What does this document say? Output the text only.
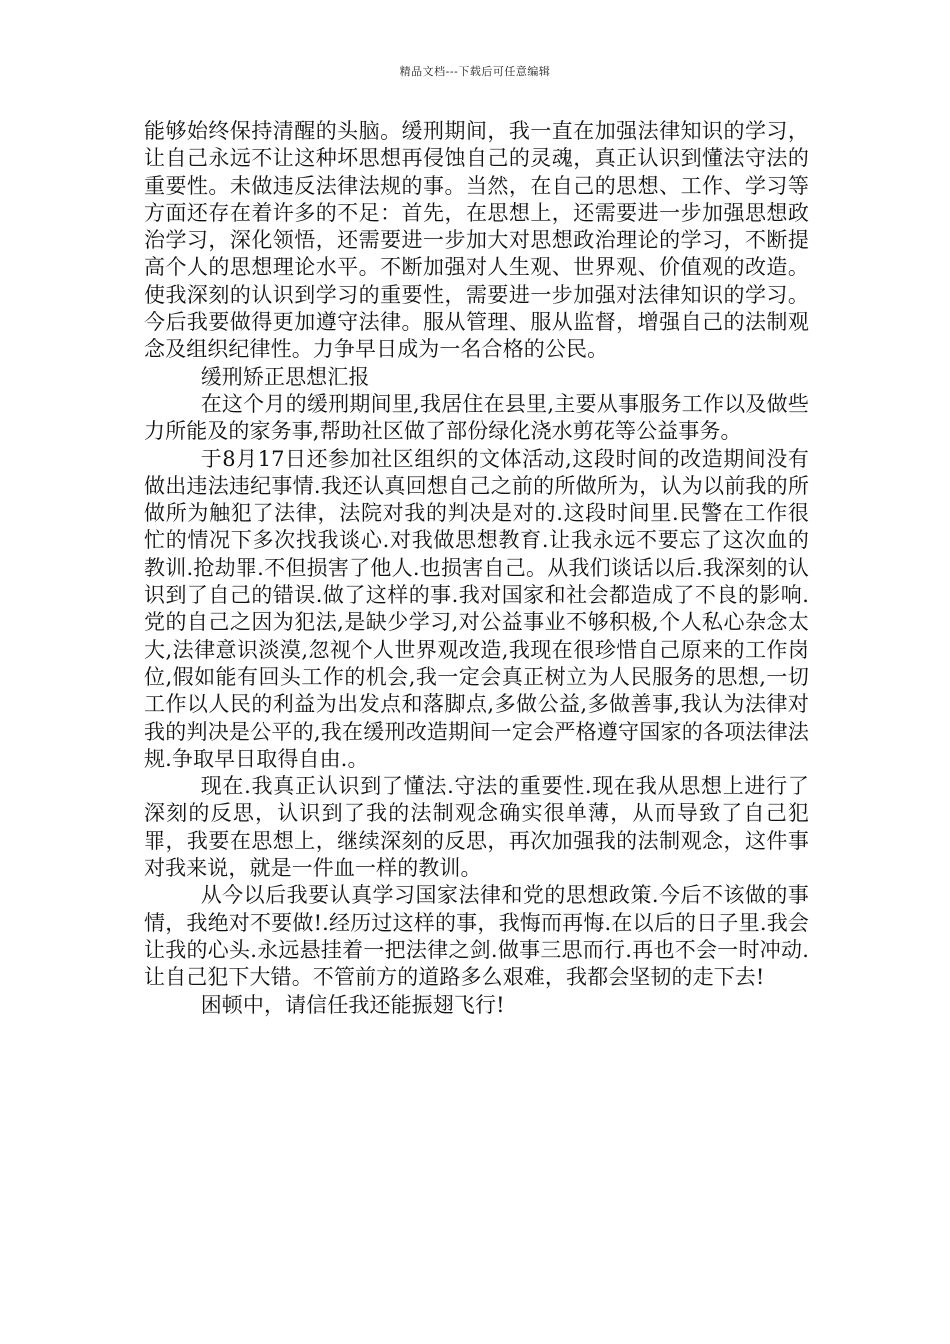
精品文档---下载后可任意编辑

能够始终保持清醒的头脑。缓刑期间，我一直在加强法律知识的学习，让自己永远不让这种坏思想再侵蚀自己的灵魂，真正认识到懂法守法的重要性。未做违反法律法规的事。当然，在自己的思想、工作、学习等方面还存在着许多的不足：首先，在思想上，还需要进一步加强思想政治学习，深化领悟，还需要进一步加大对思想政治理论的学习，不断提高个人的思想理论水平。不断加强对人生观、世界观、价值观的改造。使我深刻的认识到学习的重要性，需要进一步加强对法律知识的学习。今后我要做得更加遵守法律。服从管理、服从监督，增强自己的法制观念及组织纪律性。力争早日成为一名合格的公民。

缓刑矫正思想汇报

在这个月的缓刑期间里,我居住在县里,主要从事服务工作以及做些力所能及的家务事,帮助社区做了部份绿化浇水剪花等公益事务。

于8月17日还参加社区组织的文体活动,这段时间的改造期间没有做出违法违纪事情.我还认真回想自己之前的所做所为，认为以前我的所做所为触犯了法律，法院对我的判决是对的.这段时间里.民警在工作很忙的情况下多次找我谈心.对我做思想教育.让我永远不要忘了这次血的教训.抢劫罪.不但损害了他人.也损害自己。从我们谈话以后.我深刻的认识到了自己的错误.做了这样的事.我对国家和社会都造成了不良的影响.党的自己之因为犯法,是缺少学习,对公益事业不够积极,个人私心杂念太大,法律意识淡漠,忽视个人世界观改造,我现在很珍惜自己原来的工作岗位,假如能有回头工作的机会,我一定会真正树立为人民服务的思想,一切工作以人民的利益为出发点和落脚点,多做公益,多做善事,我认为法律对我的判决是公平的,我在缓刑改造期间一定会严格遵守国家的各项法律法规.争取早日取得自由.。

现在.我真正认识到了懂法.守法的重要性.现在我从思想上进行了深刻的反思，认识到了我的法制观念确实很单薄，从而导致了自己犯罪，我要在思想上，继续深刻的反思，再次加强我的法制观念，这件事对我来说，就是一件血一样的教训。

从今以后我要认真学习国家法律和党的思想政策.今后不该做的事情，我绝对不要做!.经历过这样的事，我悔而再悔.在以后的日子里.我会让我的心头.永远悬挂着一把法律之剑.做事三思而行.再也不会一时冲动.让自己犯下大错。不管前方的道路多么艰难，我都会坚韧的走下去!

困顿中，请信任我还能振翅飞行!
